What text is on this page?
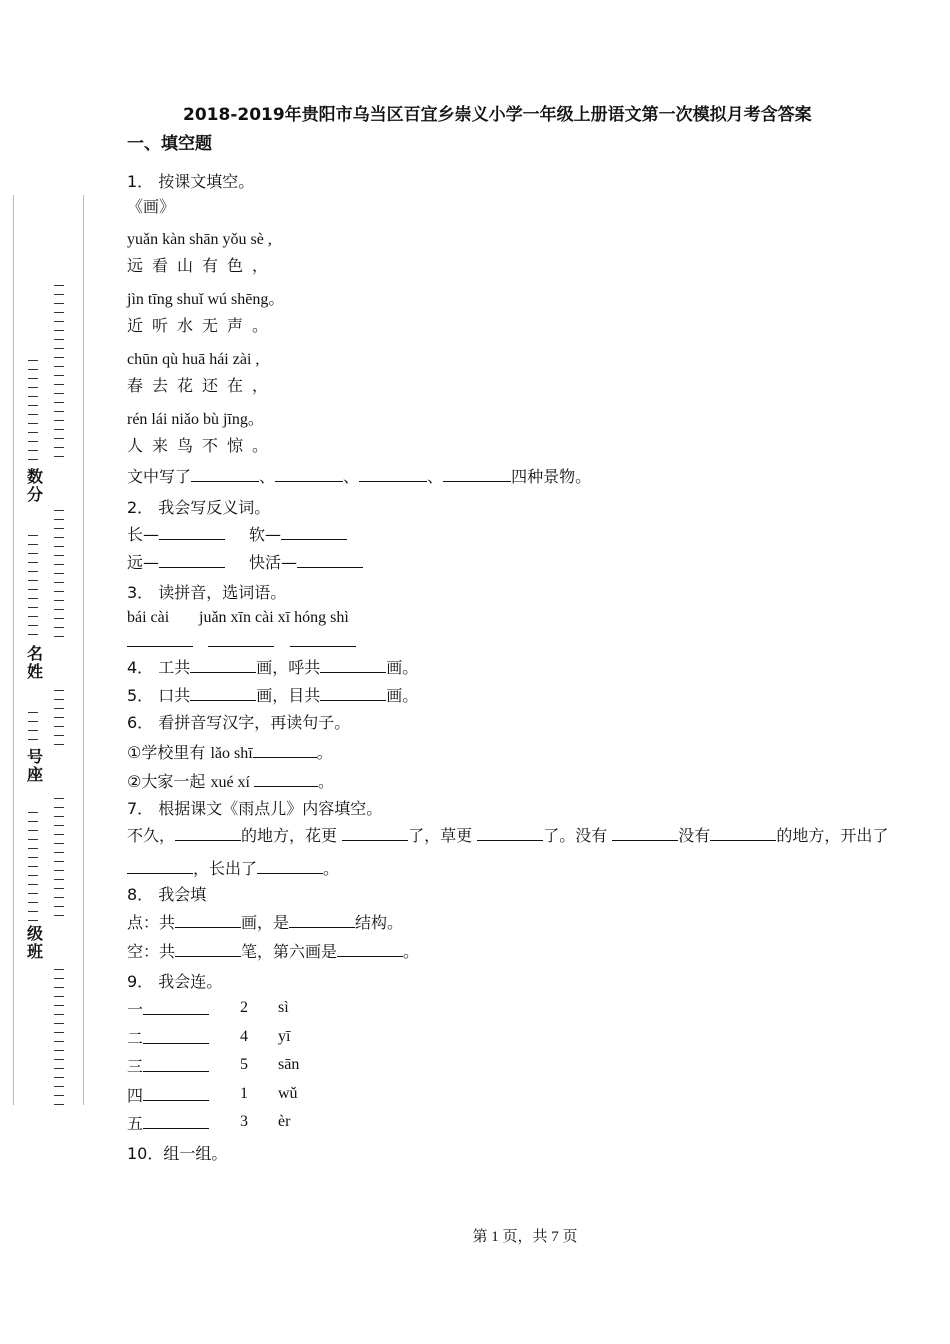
数分
名姓
号座
级班
2018-2019年贵阳市乌当区百宜乡崇义小学一年级上册语文第一次模拟月考含答案
一、填空题
1． 按课文填空。
《画》
yuǎn kàn shān yǒu sè ,
远看山有色，
jìn tīng shuǐ wú shēng。
近听水无声。
chūn qù huā hái zài ,
春去花还在，
rén lái niǎo bù jīng。
人来鸟不惊。
文中写了	、	、	、	四种景物。
2． 我会写反义词。
长—	软—
远—	快活—
3． 读拼音，选词语。
bái cài juǎn xīn cài xī hóng shì

4． 工共	画，呼共	画。
5． 口共	画，目共	画。
6． 看拼音写汉字，再读句子。
①学校里有 lǎo shī	。
②大家一起 xué xí	。
7． 根据课文《雨点儿》内容填空。
不久，	的地方，花更	了，草更	了。没有	没有	的地方，开出了
，长出了	。
8． 我会填
点：共	画，是	结构。
空：共	笔，第六画是	。
9． 我会连。
一	2 sì
二	4 yī
三	5 sān
四	1 wǔ
五	3 èr
10．组一组。
第 1 页，共 7 页
